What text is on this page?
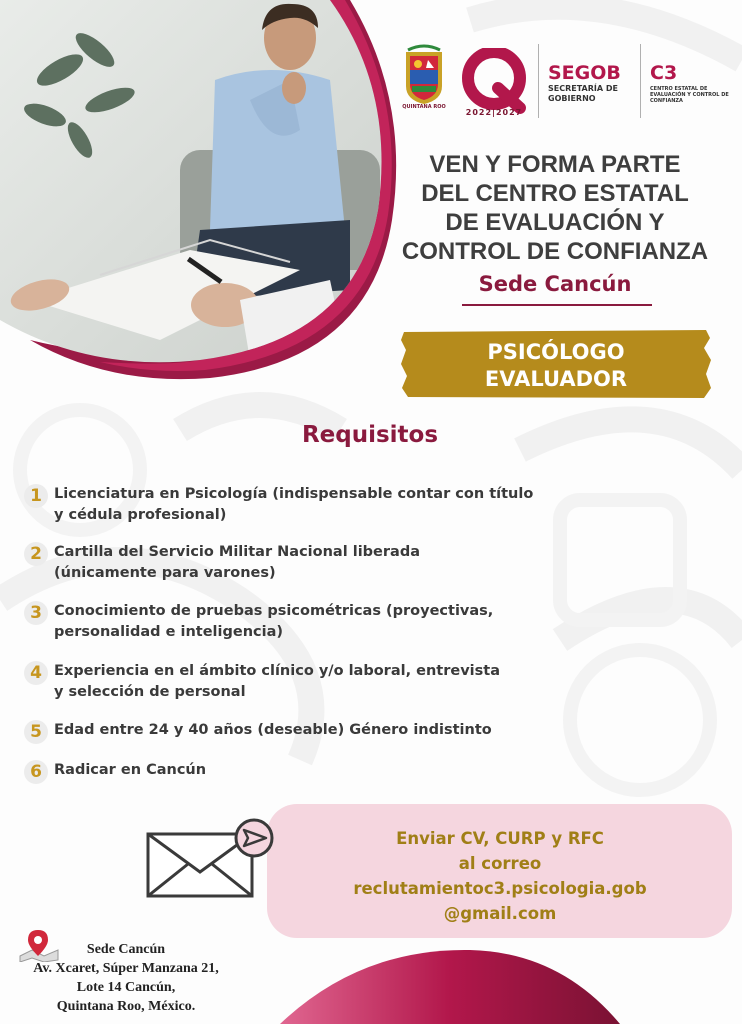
QUINTANA ROO
2022|2027
SEGOB
SECRETARÍA DE GOBIERNO
C3
CENTRO ESTATAL DE EVALUACIÓN Y CONTROL DE CONFIANZA
VEN Y FORMA PARTE
DEL CENTRO ESTATAL
DE EVALUACIÓN Y
CONTROL DE CONFIANZA
Sede Cancún
PSICÓLOGO
EVALUADOR
Requisitos
1 Licenciatura en Psicología (indispensable contar con título
y cédula profesional)
2 Cartilla del Servicio Militar Nacional liberada
(únicamente para varones)
3 Conocimiento de pruebas psicométricas (proyectivas,
personalidad e inteligencia)
4 Experiencia en el ámbito clínico y/o laboral, entrevista
y selección de personal
5 Edad entre 24 y 40 años (deseable) Género indistinto
6 Radicar en Cancún
Enviar CV, CURP y RFC
al correo
reclutamientoc3.psicologia.gob
@gmail.com
Sede Cancún
Av. Xcaret, Súper Manzana 21,
Lote 14 Cancún,
Quintana Roo, México.
